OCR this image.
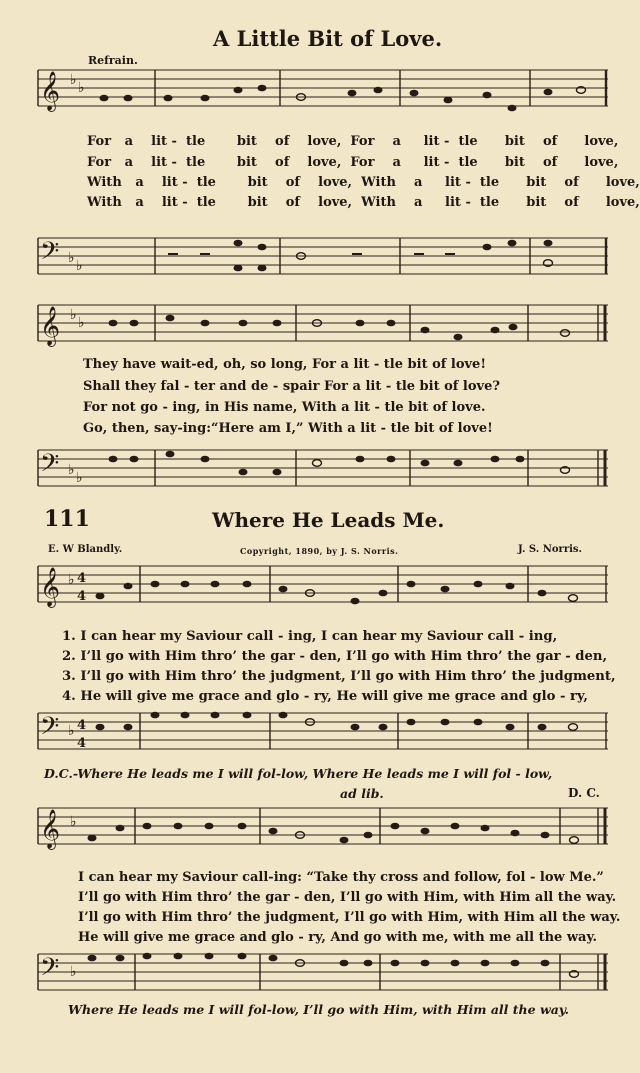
A Little Bit of Love.
Refrain.
𝄞 ♭ ♭
For   a    lit -  tle       bit    of    love,  For    a     lit -  tle      bit    of      love,
For   a    lit -  tle       bit    of    love,  For    a     lit -  tle      bit    of      love,
With   a    lit -  tle       bit    of    love,  With    a     lit -  tle      bit    of      love,
With   a    lit -  tle       bit    of    love,  With    a     lit -  tle      bit    of      love,
𝄢 ♭ ♭
𝄞 ♭ ♭
They have wait-ed, oh, so long, For a lit - tle bit of love!
Shall they fal - ter and de - spair For a lit - tle bit of love?
For not go - ing, in His name, With a lit - tle bit of love.
Go, then, say-ing:“Here am I,” With a lit - tle bit of love!
𝄢 ♭ ♭
111	Where He Leads Me.
E. W Blandly.	Copyright, 1890, by J. S. Norris.	J. S. Norris.
𝄞 ♭ 4
4
1. I can hear my Saviour call - ing, I can hear my Saviour call - ing,
2. I’ll go with Him thro’ the gar - den, I’ll go with Him thro’ the gar - den,
3. I’ll go with Him thro’ the judgment, I’ll go with Him thro’ the judgment,
4. He will give me grace and glo - ry, He will give me grace and glo - ry,
𝄢 ♭ 4
4
D.C.-Where He leads me I will fol-low, Where He leads me I will fol - low,
ad lib.	D. C.
𝄞 ♭
I can hear my Saviour call-ing: “Take thy cross and follow, fol - low Me.”
I’ll go with Him thro’ the gar - den, I’ll go with Him, with Him all the way.
I’ll go with Him thro’ the judgment, I’ll go with Him, with Him all the way.
He will give me grace and glo - ry, And go with me, with me all the way.
𝄢 ♭
Where He leads me I will fol-low, I’ll go with Him, with Him all the way.
